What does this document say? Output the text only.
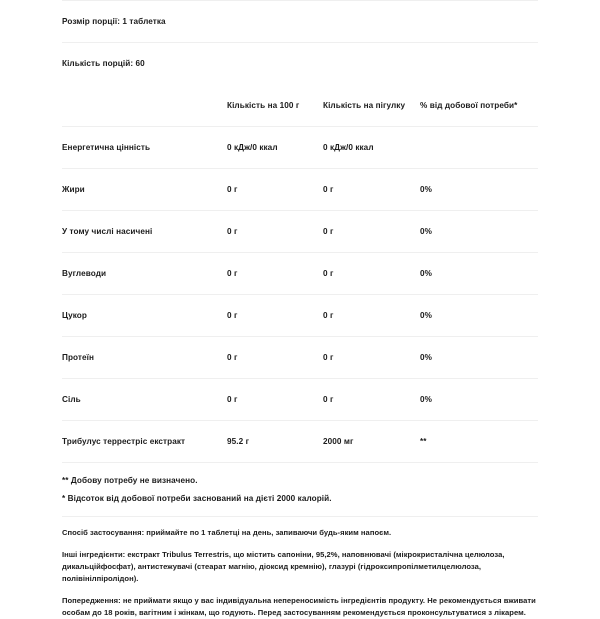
Розмір порції: 1 таблетка
Кількість порцій: 60
	Кількість на 100 г	Кількість на пігулку	% від добової потреби*
Енергетична цінність	0 кДж/0 ккал	0 кДж/0 ккал	
Жири	0 г	0 г	0%
У тому числі насичені	0 г	0 г	0%
Вуглеводи	0 г	0 г	0%
Цукор	0 г	0 г	0%
Протеїн	0 г	0 г	0%
Сіль	0 г	0 г	0%
Трибулус террестріс екстракт	95.2 г	2000 мг	**
** Добову потребу не визначено.
* Відсоток від добової потреби заснований на дієті 2000 калорій.

Спосіб застосування: приймайте по 1 таблетці на день, запиваючи будь-яким напоєм.

Інші інгредієнти: екстракт Tribulus Terrestris, що містить сапоніни, 95,2%, наповнювачі (мікрокристалічна целюлоза, дикальційфосфат), антистежувачі (стеарат магнію, діоксид кремнію), глазурі (гідроксипропілметилцелюлоза, полівінілпіролідон).

Попередження: не приймати якщо у вас індивідуальна непереносимість інгредієнтів продукту. Не рекомендується вживати особам до 18 років, вагітним і жінкам, що годують. Перед застосуванням рекомендується проконсультуватися з лікарем.
